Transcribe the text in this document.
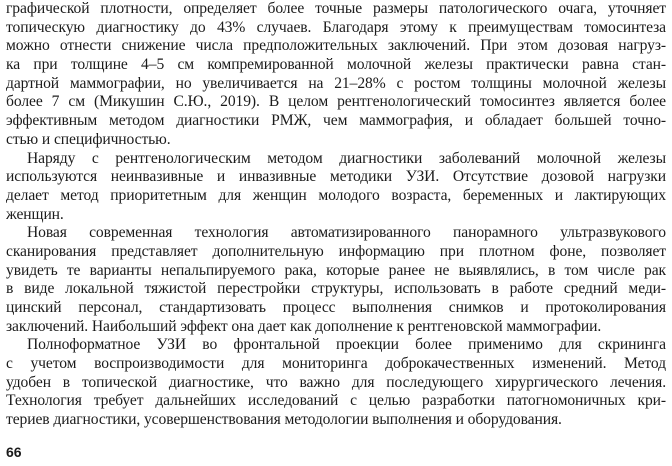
графической плотности, определяет более точные размеры патологического очага, уточняет
топическую диагностику до 43% случаев. Благодаря этому к преимуществам томосинтеза
можно отнести снижение числа предположительных заключений. При этом дозовая нагруз-
ка при толщине 4–5 см компремированной молочной железы практически равна стан-
дартной маммографии, но увеличивается на 21–28% с ростом толщины молочной железы
более 7 см (Микушин С.Ю., 2019). В целом рентгенологический томосинтез является более
эффективным методом диагностики РМЖ, чем маммография, и обладает большей точно-
стью и специфичностью.
Наряду с рентгенологическим методом диагностики заболеваний молочной железы
используются неинвазивные и инвазивные методики УЗИ. Отсутствие дозовой нагрузки
делает метод приоритетным для женщин молодого возраста, беременных и лактирующих
женщин.
Новая современная технология автоматизированного панорамного ультразвукового
сканирования представляет дополнительную информацию при плотном фоне, позволяет
увидеть те варианты непальпируемого рака, которые ранее не выявлялись, в том числе рак
в виде локальной тяжистой перестройки структуры, использовать в работе средний меди-
цинский персонал, стандартизовать процесс выполнения снимков и протоколирования
заключений. Наибольший эффект она дает как дополнение к рентгеновской маммографии.
Полноформатное УЗИ во фронтальной проекции более применимо для скрининга
с учетом воспроизводимости для мониторинга доброкачественных изменений. Метод
удобен в топической диагностике, что важно для последующего хирургического лечения.
Технология требует дальнейших исследований с целью разработки патогномоничных кри-
териев диагностики, усовершенствования методологии выполнения и оборудования.
66
